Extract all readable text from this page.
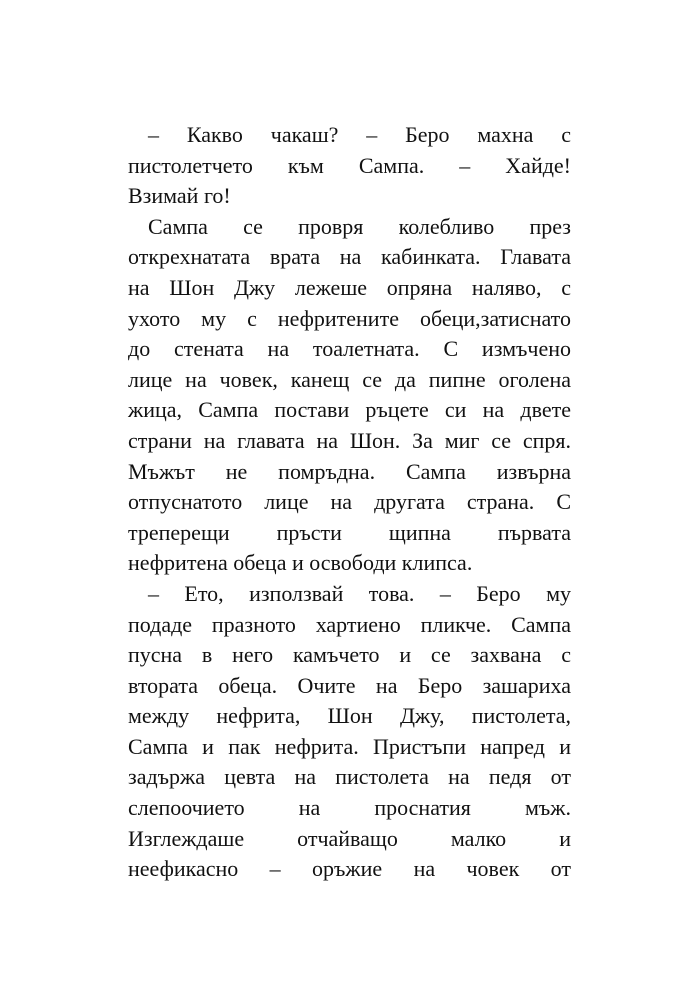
– Какво чакаш? – Беро махна с
пистолетчето към Сампа. – Хайде!
Взимай го!
Сампа се провря колебливо през
открехнатата врата на кабинката. Главата
на Шон Джу лежеше опряна наляво, с
ухото му с нефритените обеци,затиснато
до стената на тоалетната. С измъчено
лице на човек, канещ се да пипне оголена
жица, Сампа постави ръцете си на двете
страни на главата на Шон. За миг се спря.
Мъжът не помръдна. Сампа извърна
отпуснатото лице на другата страна. С
треперещи пръсти щипна първата
нефритена обеца и освободи клипса.
– Ето, използвай това. – Беро му
подаде празното хартиено пликче. Сампа
пусна в него камъчето и се захвана с
втората обеца. Очите на Беро зашариха
между нефрита, Шон Джу, пистолета,
Сампа и пак нефрита. Пристъпи напред и
задържа цевта на пистолета на педя от
слепоочието на проснатия мъж.
Изглеждаше отчайващо малко и
неефикасно – оръжие на човек от
